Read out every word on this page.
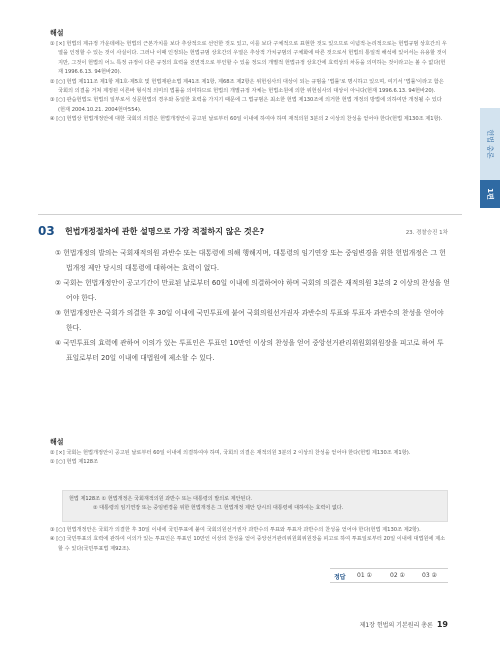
헌법 총론
1편
해설

① [×] 헌법의 제규정 가운데에는 헌법의 근본가치를 보다 추상적으로 선언한 것도 있고, 이를 보다 구체적으로 표현한 것도 있으므로 이념적·논리적으로는 헌법규범 상호간의 우열을 인정할 수 있는 것이 사실이다. 그러나 이때 인정되는 헌법규범 상호간의 우열은 추상적 가치규범의 구체화에 따른 것으로서 헌법의 통일적 해석에 있어서는 유용할 것이지만, 그것이 헌법의 어느 특정 규정이 다른 규정의 효력을 전면적으로 부인할 수 있을 정도의 개별적 헌법규정 상호간에 효력상의 차등을 의미하는 것이라고는 볼 수 없다(헌재 1996.6.13. 94헌바20).

② [○] 헌법 제111조 제1항 제1호·제5호 및 헌법재판소법 제41조 제1항, 제68조 제2항은 위헌심사의 대상이 되는 규범을 '법률'로 명시하고 있으며, 여기서 '법률'이라고 함은 국회의 의결을 거쳐 제정된 이른바 형식적 의미의 법률을 의미하므로 헌법의 개별규정 자체는 헌법소원에 의한 위헌심사의 대상이 아니다(헌재 1996.6.13. 94헌바20).

③ [○] 관습헌법도 헌법의 일부로서 성문헌법의 경우와 동일한 효력을 가지기 때문에 그 법규범은 최소한 헌법 제130조에 의거한 헌법 개정의 방법에 의하여만 개정될 수 있다(헌재 2004.10.21. 2004헌마554).

④ [○] 헌법상 헌법개정안에 대한 국회의 의결은 헌법개정안이 공고된 날로부터 60일 이내에 하여야 하며 재적의원 3분의 2 이상의 찬성을 얻어야 한다(헌법 제130조 제1항).

03 헌법개정절차에 관한 설명으로 가장 적절하지 않은 것은?	23. 경찰승진 1차

① 헌법개정의 발의는 국회재적의원 과반수 또는 대통령에 의해 행해지며, 대통령의 임기연장 또는 중임변경을 위한 헌법개정은 그 헌법개정 제안 당시의 대통령에 대하여는 효력이 없다.

② 국회는 헌법개정안이 공고기간이 만료된 날로부터 60일 이내에 의결하여야 하며 국회의 의결은 재적의원 3분의 2 이상의 찬성을 얻어야 한다.

③ 헌법개정안은 국회가 의결한 후 30일 이내에 국민투표에 붙여 국회의원선거권자 과반수의 투표와 투표자 과반수의 찬성을 얻어야 한다.

④ 국민투표의 효력에 관하여 이의가 있는 투표인은 투표인 10만인 이상의 찬성을 얻어 중앙선거관리위원회위원장을 피고로 하여 투표일로부터 20일 이내에 대법원에 제소할 수 있다.

해설

② [×] 국회는 헌법개정안이 공고된 날로부터 60일 이내에 의결하여야 하며, 국회의 의결은 재적의원 3분의 2 이상의 찬성을 얻어야 한다(헌법 제130조 제1항).

① [○] 헌법 제128조

헌법 제128조 ① 헌법개정은 국회재적의원 과반수 또는 대통령의 발의로 제안된다.

② 대통령의 임기연장 또는 중임변경을 위한 헌법개정은 그 헌법개정 제안 당시의 대통령에 대하여는 효력이 없다.

③ [○] 헌법개정안은 국회가 의결한 후 30일 이내에 국민투표에 붙여 국회의원선거권자 과반수의 투표와 투표자 과반수의 찬성을 얻어야 한다(헌법 제130조 제2항).

④ [○] 국민투표의 효력에 관하여 이의가 있는 투표인은 투표인 10만인 이상의 찬성을 얻어 중앙선거관리위원회위원장을 피고로 하여 투표일로부터 20일 이내에 대법원에 제소할 수 있다(국민투표법 제92조).

정답 01 ①	02 ①	03 ②
제1장 헌법의 기본원리 총론 19
